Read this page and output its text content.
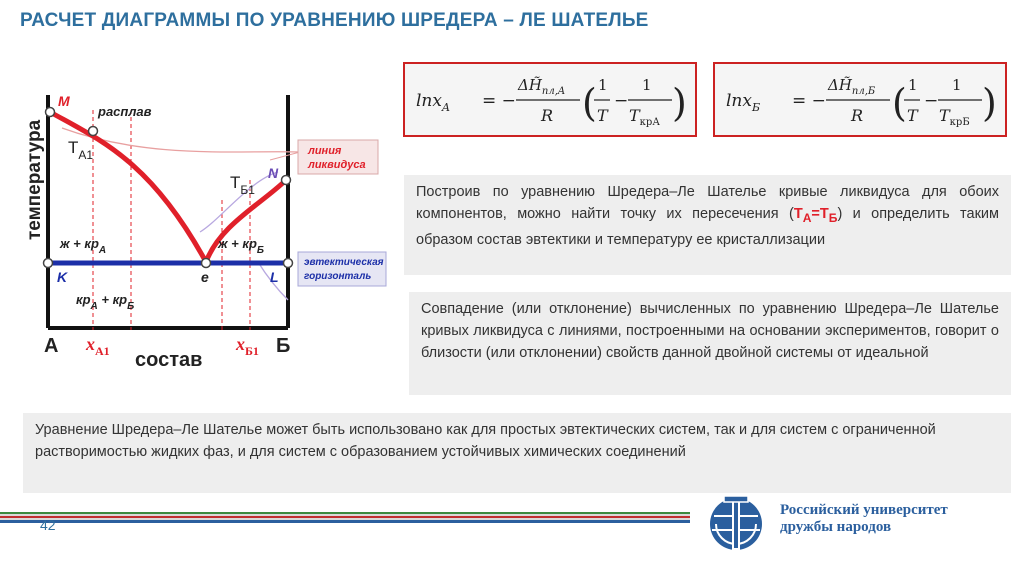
РАСЧЕТ ДИАГРАММЫ ПО УРАВНЕНИЮ ШРЕДЕРА – ЛЕ ШАТЕЛЬЕ
температура
состав
M
расплав
$T_{А1}$
$T_{Б1}$
N
$ж + кр_А$	$ж + кр_Б$
K	e	L
$кр_А + кр_Б$
линия
ликвидуса
эвтектическая
горизонталь
А $x_{А1}$	$x_{Б1}$ Б
lnx$_A$ = −
$\Delta H̃_{пл,A}$
R ( 1
T
−
1
$T_{крА}$ ) lnx$_Б$ = −
$\Delta H̃_{пл,Б}$
R ( 1
T
−
1
$T_{крБ}$ )
Построив по уравнению Шредера–Ле Шателье кривые ликвидуса для обоих компонентов, можно найти точку их пересечения $(T_А=T_Б)$ и определить таким образом состав эвтектики и температуру ее кристаллизации
Совпадение (или отклонение) вычисленных по уравнению Шредера–Ле Шателье кривых ликвидуса с линиями, построенными на основании экспериментов, говорит о близости (или отклонении) свойств данной двойной системы от идеальной
Уравнение Шредера–Ле Шателье может быть использовано как для простых эвтектических систем, так и для систем с ограниченной растворимостью жидких фаз, и для систем с образованием устойчивых химических соединений
42
Российский университет
дружбы народов
